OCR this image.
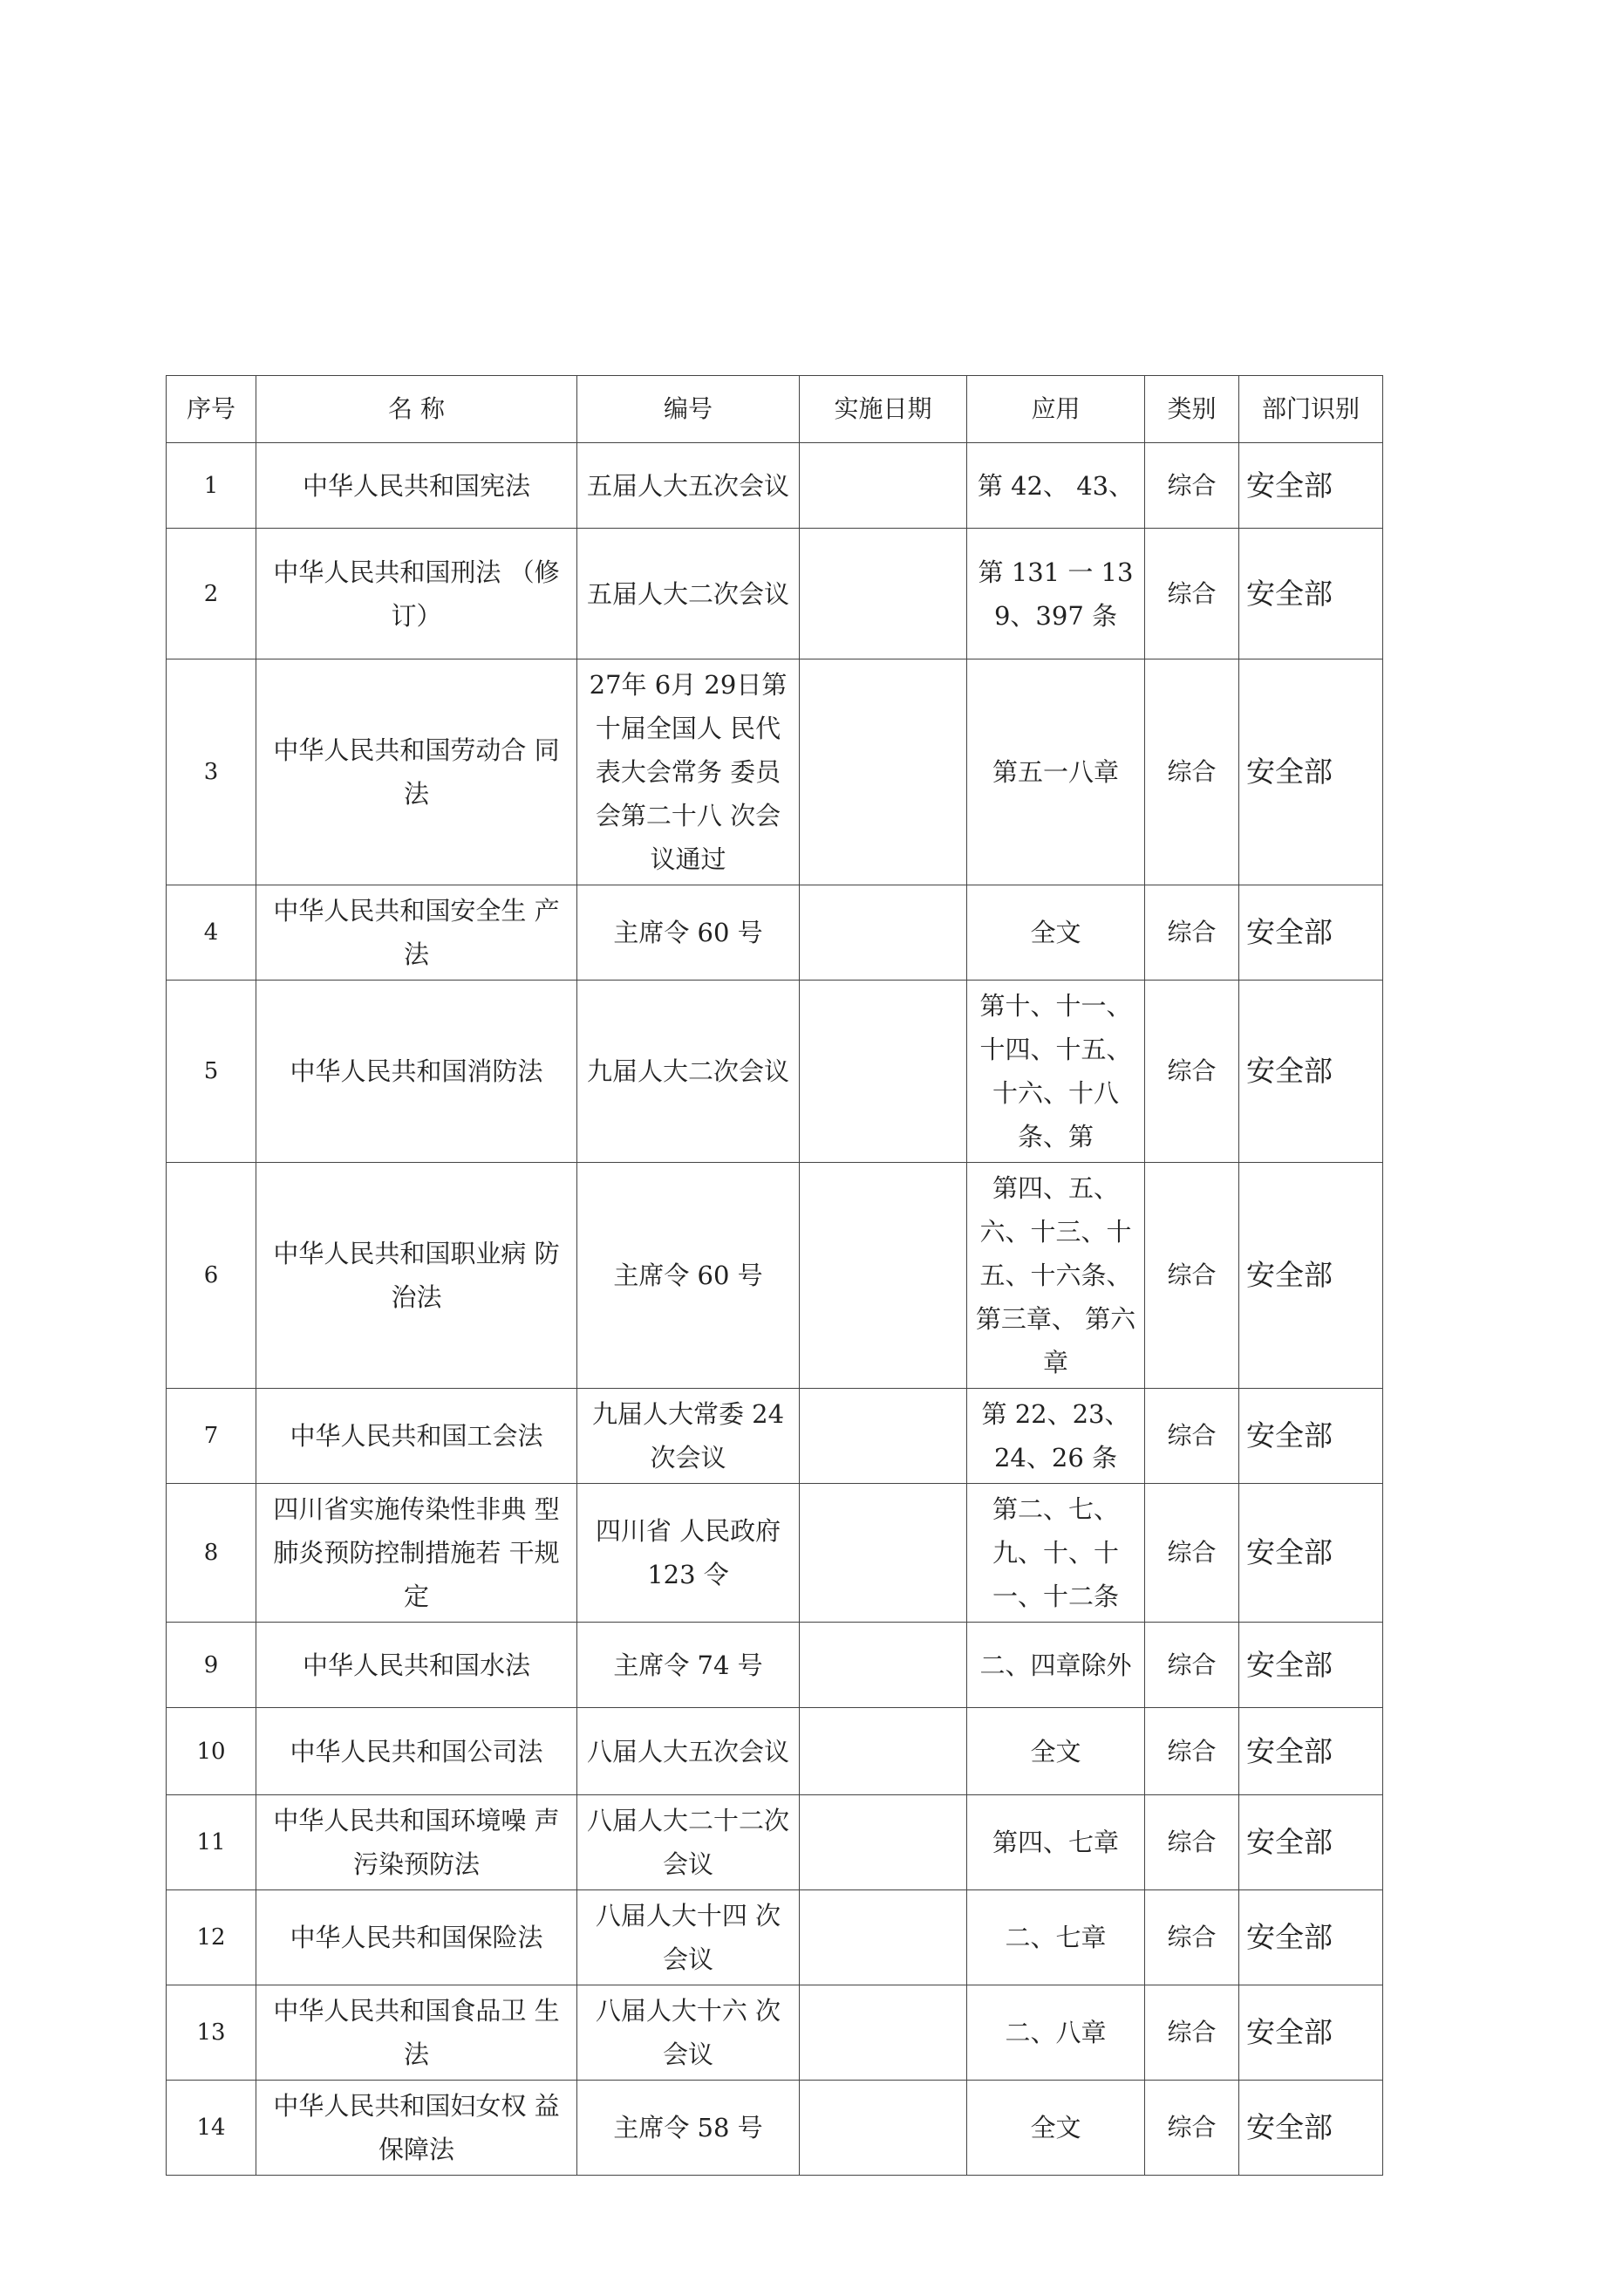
序号	名 称	编号	实施日期	应用	类别	部门识别
1	中华人民共和国宪法	五届人大五次会议		第 42、 43、	综合	安全部
2	中华人民共和国刑法 （修订）	五届人大二次会议		第 131 一 139、397 条	综合	安全部
3	中华人民共和国劳动合 同法	27年 6月 29日第十届全国人 民代表大会常务 委员会第二十八 次会议通过		第五一八章	综合	安全部
4	中华人民共和国安全生 产法	主席令 60 号		全文	综合	安全部
5	中华人民共和国消防法	九届人大二次会议		第十、十一、 十四、十五、 十六、十八 条、第	综合	安全部
6	中华人民共和国职业病 防治法	主席令 60 号		第四、五、六、十三、十五、十六条、第三章、 第六章	综合	安全部
7	中华人民共和国工会法	九届人大常委 24 次会议		第 22、23、24、26 条	综合	安全部
8	四川省实施传染性非典 型肺炎预防控制措施若 干规定	四川省 人民政府 123 令		第二、七、九、十、十一、十二条	综合	安全部
9	中华人民共和国水法	主席令 74 号		二、四章除外	综合	安全部
10	中华人民共和国公司法	八届人大五次会议		全文	综合	安全部
11	中华人民共和国环境噪 声污染预防法	八届人大二十二次会议		第四、七章	综合	安全部
12	中华人民共和国保险法	八届人大十四 次会议		二、七章	综合	安全部
13	中华人民共和国食品卫 生法	八届人大十六 次会议		二、八章	综合	安全部
14	中华人民共和国妇女权 益保障法	主席令 58 号		全文	综合	安全部
